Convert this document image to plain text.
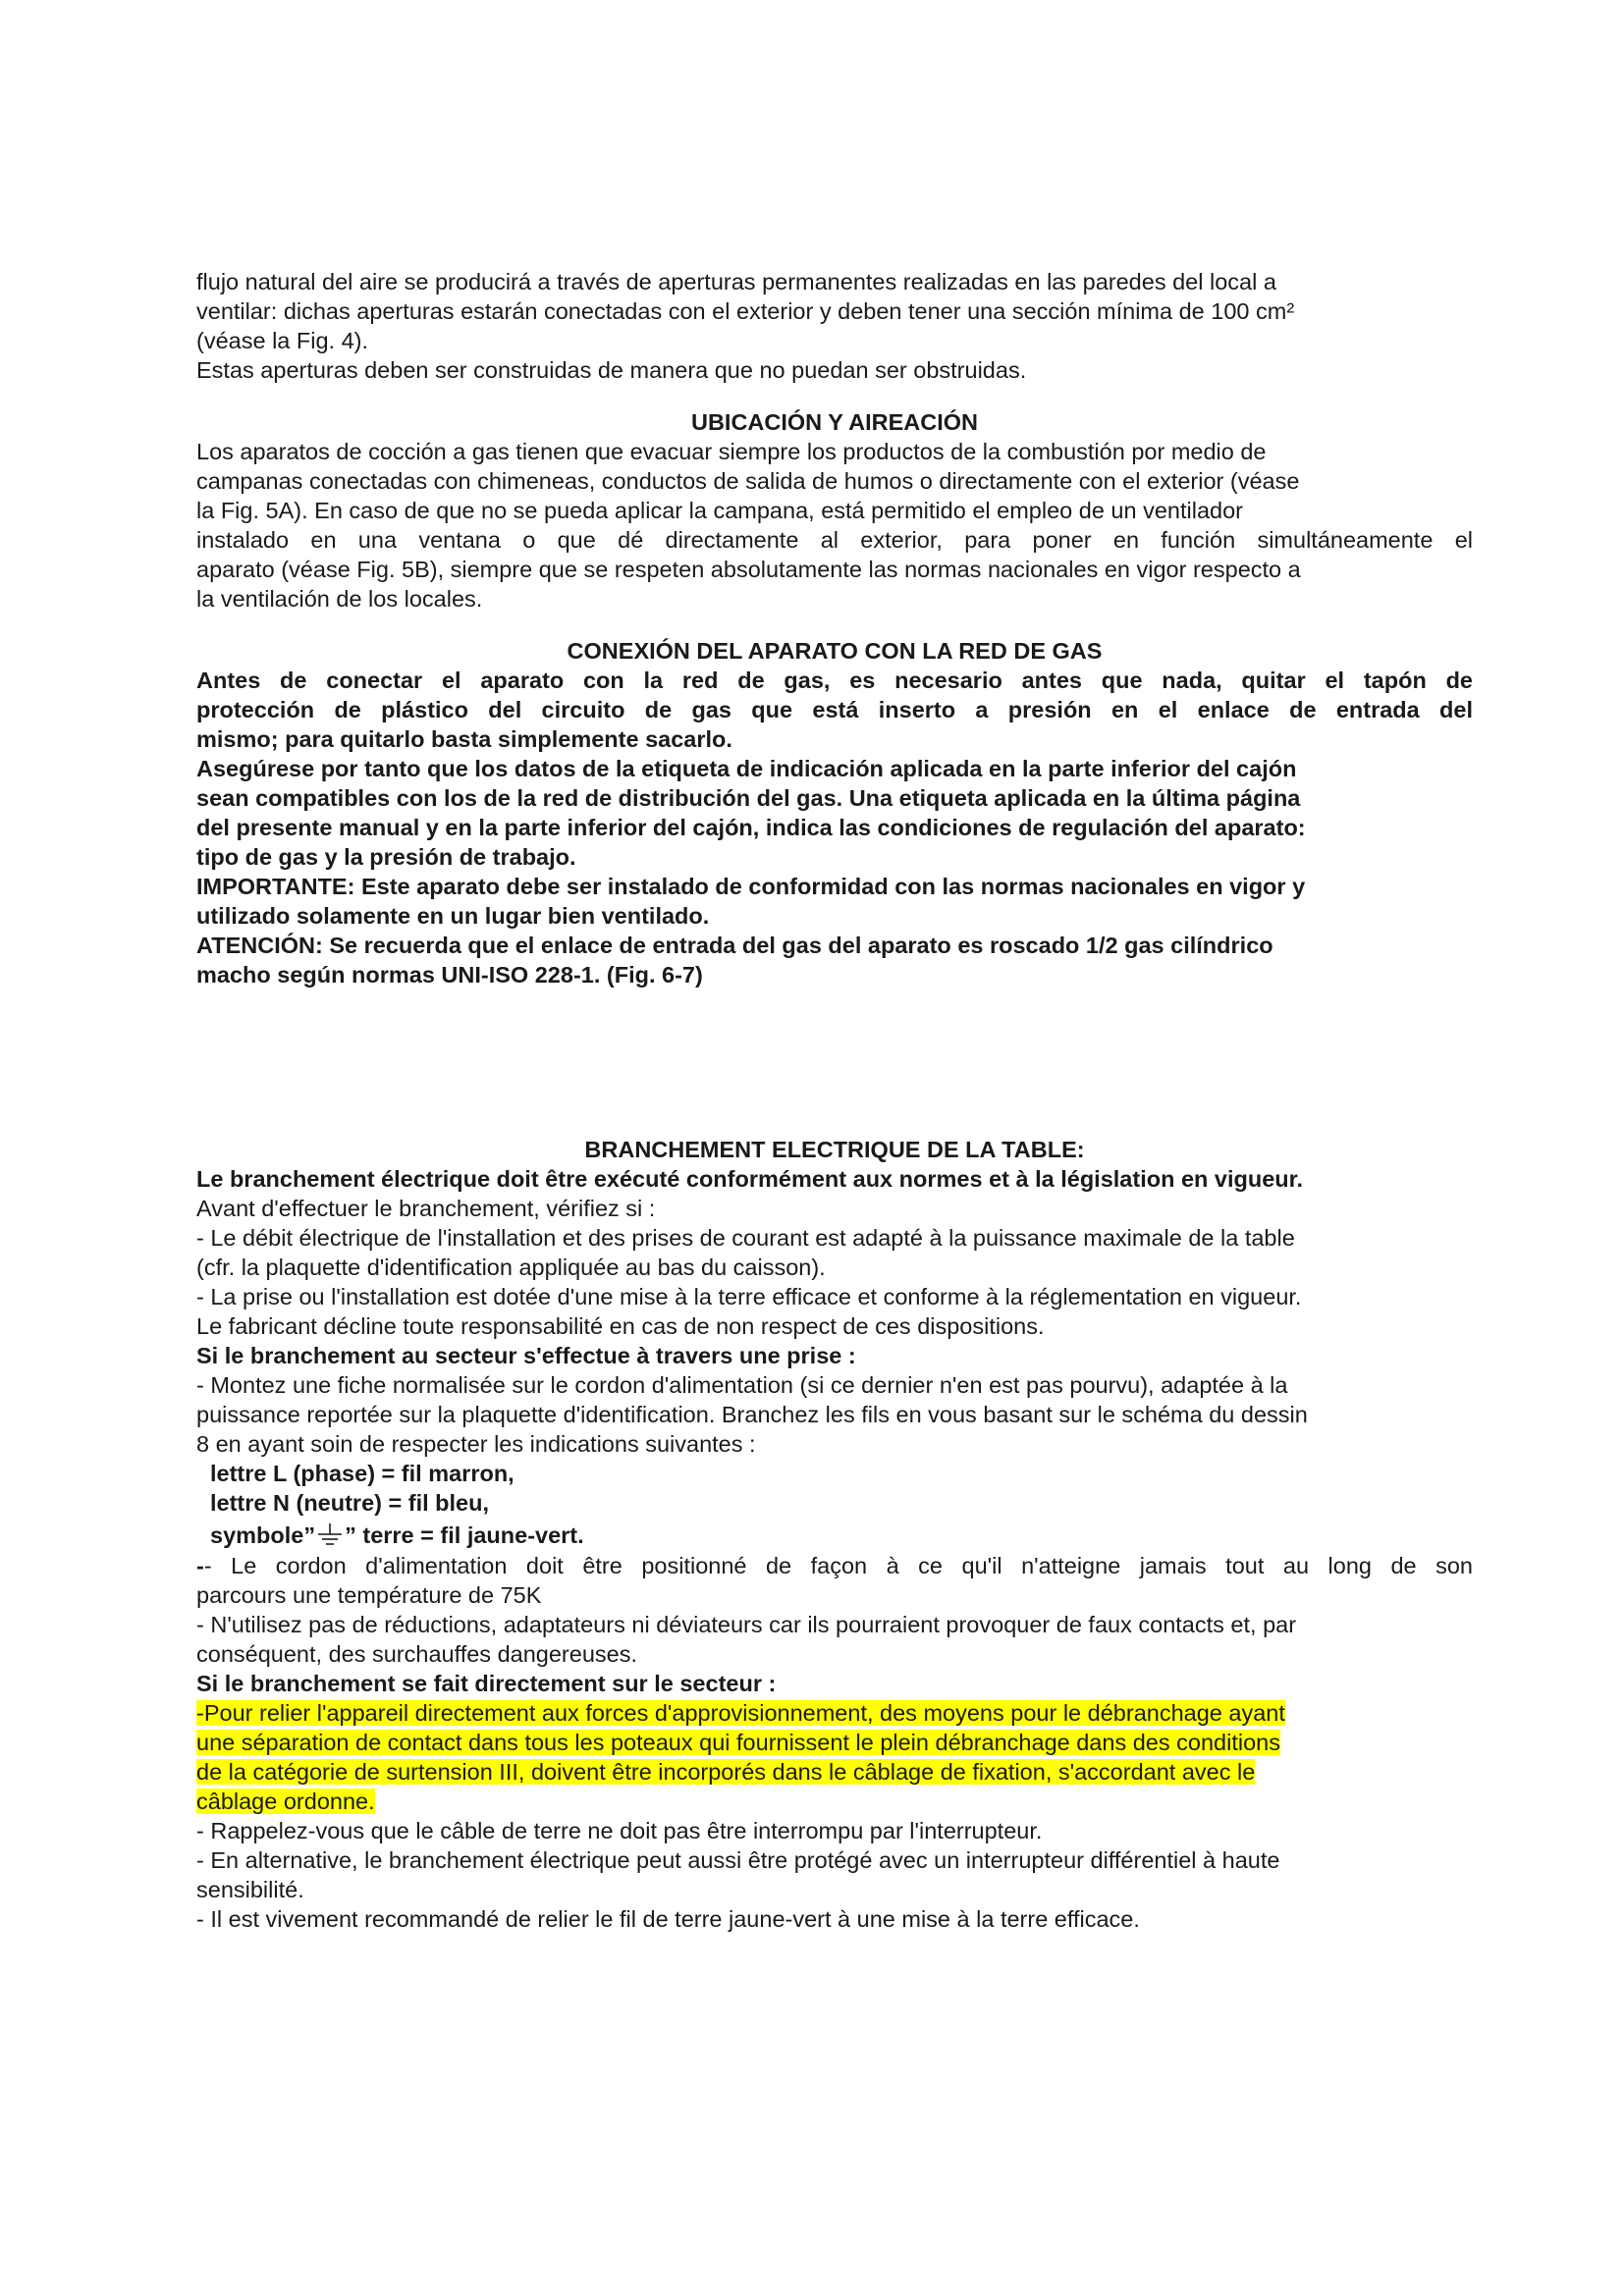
flujo natural del aire se producirá a través de aperturas permanentes realizadas en las paredes del local a
ventilar: dichas aperturas estarán conectadas con el exterior y deben tener una sección mínima de 100 cm²
(véase la Fig. 4).
Estas aperturas deben ser construidas de manera que no puedan ser obstruidas.
UBICACIÓN Y AIREACIÓN
Los aparatos de cocción a gas tienen que evacuar siempre los productos de la combustión por medio de
campanas conectadas con chimeneas, conductos de salida de humos o directamente con el exterior (véase
la Fig. 5A). En caso de que no se pueda aplicar la campana, está permitido el empleo de un ventilador
instalado en una ventana o que dé directamente al exterior, para poner en función simultáneamente el
aparato (véase Fig. 5B), siempre que se respeten absolutamente las normas nacionales en vigor respecto a
la ventilación de los locales.
CONEXIÓN DEL APARATO CON LA RED DE GAS
Antes de conectar el aparato con la red de gas, es necesario antes que nada, quitar el tapón de
protección de plástico del circuito de gas que está inserto a presión en el enlace de entrada del
mismo; para quitarlo basta simplemente sacarlo.
Asegúrese por tanto que los datos de la etiqueta de indicación aplicada en la parte inferior del cajón
sean compatibles con los de la red de distribución del gas. Una etiqueta aplicada en la última página
del presente manual y en la parte inferior del cajón, indica las condiciones de regulación del aparato:
tipo de gas y la presión de trabajo.
IMPORTANTE: Este aparato debe ser instalado de conformidad con las normas nacionales en vigor y
utilizado solamente en un lugar bien ventilado.
ATENCIÓN: Se recuerda que el enlace de entrada del gas del aparato es roscado 1/2 gas cilíndrico
macho según normas UNI-ISO 228-1. (Fig. 6-7)
BRANCHEMENT ELECTRIQUE DE LA TABLE:
Le branchement électrique doit être exécuté conformément aux normes et à la législation en vigueur.
Avant d'effectuer le branchement, vérifiez si :
- Le débit électrique de l'installation et des prises de courant est adapté à la puissance maximale de la table
(cfr. la plaquette d'identification appliquée au bas du caisson).
- La prise ou l'installation est dotée d'une mise à la terre efficace et conforme à la réglementation en vigueur.
Le fabricant décline toute responsabilité en cas de non respect de ces dispositions.
Si le branchement au secteur s'effectue à travers une prise :
- Montez une fiche normalisée sur le cordon d'alimentation (si ce dernier n'en est pas pourvu), adaptée à la
puissance reportée sur la plaquette d'identification. Branchez les fils en vous basant sur le schéma du dessin
8 en ayant soin de respecter les indications suivantes :
lettre L (phase) = fil marron,
lettre N (neutre) = fil bleu,
symbole” ” terre = fil jaune-vert.
-- Le cordon d'alimentation doit être positionné de façon à ce qu'il n'atteigne jamais tout au long de son
parcours une température de 75K
- N'utilisez pas de réductions, adaptateurs ni déviateurs car ils pourraient provoquer de faux contacts et, par
conséquent, des surchauffes dangereuses.
Si le branchement se fait directement sur le secteur :
-Pour relier l'appareil directement aux forces d'approvisionnement, des moyens pour le débranchage ayant
une séparation de contact dans tous les poteaux qui fournissent le plein débranchage dans des conditions
de la catégorie de surtension III, doivent être incorporés dans le câblage de fixation, s'accordant avec le
câblage ordonne.
- Rappelez-vous que le câble de terre ne doit pas être interrompu par l'interrupteur.
- En alternative, le branchement électrique peut aussi être protégé avec un interrupteur différentiel à haute
sensibilité.
- Il est vivement recommandé de relier le fil de terre jaune-vert à une mise à la terre efficace.
